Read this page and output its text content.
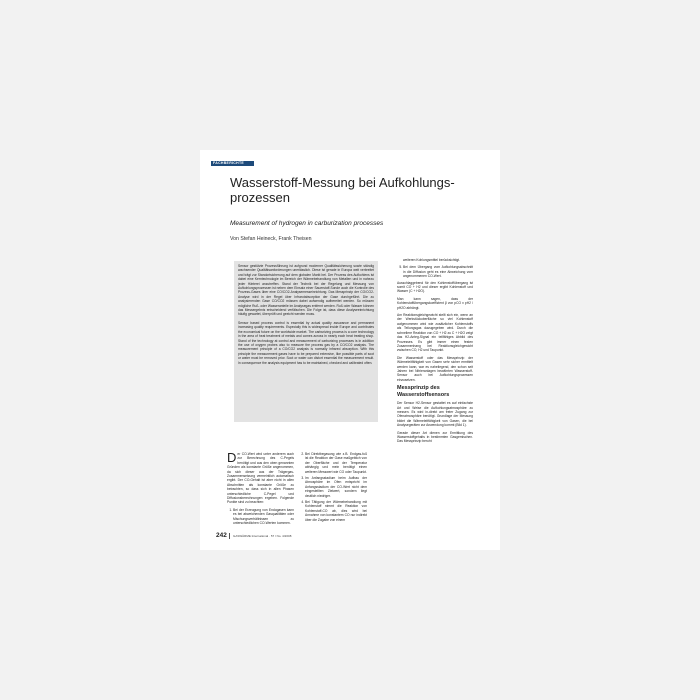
FACHBERICHTE
Wasserstoff-Messung bei Aufkohlungs-prozessen
Measurement of hydrogen in carburization processes
Von Stefan Heineck, Frank Theisen

Sensor gestützte Prozessführung ist aufgrund moderner Qualitätssicherung sowie ständig wachsender Qualitätsanforderungen unerlässlich. Diese ist gerade in Europa weit verbreitet und trägt zur Standortsicherung auf dem globalen Markt bei. Der Prozess des Aufkohlens ist dabei eine Kerntechnologie im Bereich der Wärmebehandlung von Metallen und in nahezu jeder Härterei anzutreffen. Stand der Technik bei der Regelung und Messung von Aufkohlungsprozessen ist neben dem Einsatz einer Sauerstoff-Sonde auch die Kontrolle des Prozess-Gases über eine CO/CO2-Analysemesseinrichtung. Das Messprinzip der CO/CO2-Analyse wird in der Regel über Infrarotabsorption der Gase durchgeführt. Die zu analysierenden Gase CO/CO2 müssen dabei aufwendig aufbereitet werden. So müssen mögliche Ruß- oder Wasseranteile im Analysegas entfernt werden. Ruß oder Wasser können das Messergebnis entscheidend verfälschen. Die Folge ist, dass diese Analyseeinrichtung häufig gewartet, überprüft und geeicht werden muss.

Sensor based process control is essential by actual quality assurance and permanent increasing quality requirements. Especially this is widespread inside Europe and contributes the economical future on the worldwide market. The carburizing process is a core technology in the area of heat treatment of metals and comes across in nearly each heat treating shop. Stand of the technology at control and measurement of carburizing processes is in addition the use of oxygen probes also to measure the process gas by a CO/CO2 analysis. The measurement principle of a CO/CO2 analysis is normally infrared absorption. With this principle the measurement gases have to be prepared extensive, like possible parts of soot or water must be removed prior. Soot or water can distort essential the measurement result. In consequence the analysis equipment has to be maintained, checked and calibrated often.

Der CO-Wert wird unter anderem auch zur Berechnung des C-Pegels benötigt und aus den oben genannten Gründen als konstante Größe angenommen, da sich dieser aus der Trägergas-Zusammensetzung vermeintlich automatisch ergibt. Der CO-Gehalt ist aber nicht in allen Abschnitten als konstante Größe zu betrachten, so dass sich in allen Phasen unterschiedliche C-Pegel und Diffusionsberechnungen ergeben. Folgende Punkte sind zu beachten:

1. Bei der Erzeugung von Endogasen kann es bei abweichenden Gasqualitäten oder Mischungsverhältnissen zu unterschiedlichen CO-Werten kommen.
2. Bei Direktbegasung wie z.B. Endgas-fuß ist die Reaktion der Gase maßgeblich von der Oberfläche und der Temperatur abhängig und mein benötigt einen weiteren Messwert wie CO oder Taupunkt.
3. Im Anfangsstadium beim Aufbau der Atmosphäre im Ofen entspricht im Anfangsstadium der CO-Wert nicht dem eingestellten Zielwert, sondern liegt deutlich niedriger.
4. Bei Tätigung der Wärmebehandlung mit Kohlenstoff nimmt die Reaktion von Kohlenstoff-CO ab, dies wird bei Annahme von konstantem CO nur indirekt über die Zugabe von einem

weiteren Kohlungsmittel berücksichtigt.

5. Bei dem Übergang vom Aufkohlungsabschnitt in die Diffusion geht es eine Abweichung vom angenommenen CO-Wert.

Ausschlaggebend für den Kohlenstoffübergang ist somit CO + H2 und dieser ergibt Kohlenstoff und Wasser (C + H2O).

Man kann sagen, dass der Kohlenstoffübergangskoeffizient β von pCO x pH2 / pH2O abhängt.

Am Reaktionsgleichgewicht stellt sich ein, wenn an der Werkstückoberfläche so viel Kohlenstoff aufgenommen wird wie zusätzlicher Kohlenstoffs als Teilungsgas dazugegeben wird. Durch die schnellere Reaktion von CO + H2 zu C + H2O zeigt das H2-Anteg-Signal ein teilfähiges Abbild des Prozesses. Es gibt immer einen festen Zusammenhang bei Reaktionsgleichgewicht zwischen CO, H2 und Taupunkt.

Die Wasserstoff oder das Messprinzip der Wärmeleitfähigkeit von Gasen sehr sicher ermittelt werden kann, war es naheliegend, den schon seit Jahren bei Nitrieranlagen bewährten Wasserstoff-Sensor auch bei Aufkohlungsprozessen einzusetzen.

Messprinzip des Wasserstoffsensors

Der Sensor H2-Sensor gestattet es auf einfachste Art und Weise die Aufkohlungsatmosphäre zu messen. Es wird in-direkt am freier Zugang zur Ofenatmosphäre benötigt. Grundlage der Messung bildet die Wärmeleitfähigkeit von Gasen, die bei Analysegeräten zur Anwendung kommt (Bild 1).

Gerade dieser Art dienen zur Ermittlung des Wasserstoffgehalts in bestimmten Gasgemischen. Das Messprinzip beruht

242 GASWÄRME International · 57 / No. 4/2008
